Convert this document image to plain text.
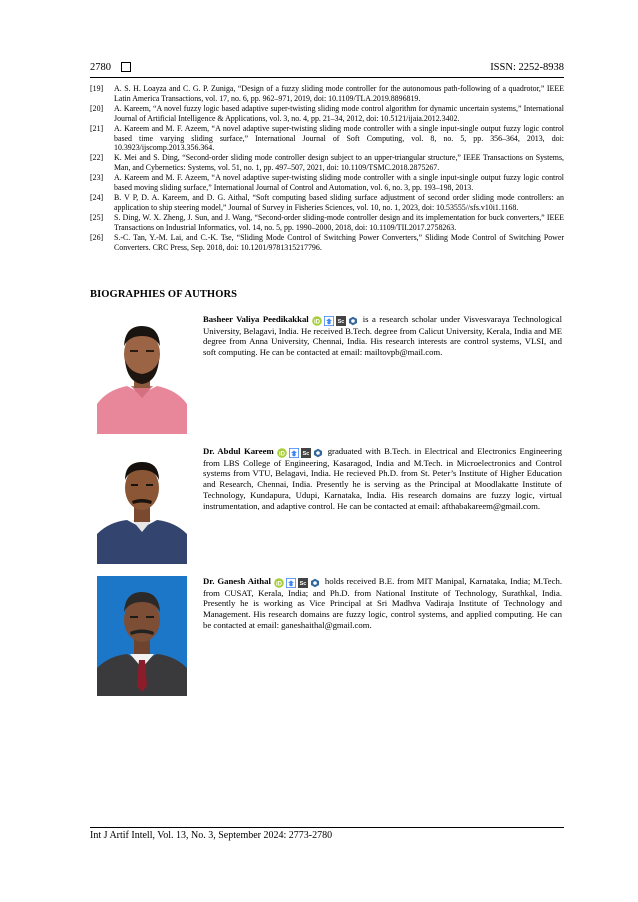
2780	ISSN: 2252-8938
[19]	A. S. H. Loayza and C. G. P. Zuniga, “Design of a fuzzy sliding mode controller for the autonomous path-following of a quadrotor,” IEEE Latin America Transactions, vol. 17, no. 6, pp. 962–971, 2019, doi: 10.1109/TLA.2019.8896819.
[20]	A. Kareem, “A novel fuzzy logic based adaptive super-twisting sliding mode control algorithm for dynamic uncertain systems,” International Journal of Artificial Intelligence & Applications, vol. 3, no. 4, pp. 21–34, 2012, doi: 10.5121/ijaia.2012.3402.
[21]	A. Kareem and M. F. Azeem, “A novel adaptive super-twisting sliding mode controller with a single input-single output fuzzy logic control based time varying sliding surface,” International Journal of Soft Computing, vol. 8, no. 5, pp. 356–364, 2013, doi: 10.3923/ijscomp.2013.356.364.
[22]	K. Mei and S. Ding, “Second-order sliding mode controller design subject to an upper-triangular structure,” IEEE Transactions on Systems, Man, and Cybernetics: Systems, vol. 51, no. 1, pp. 497–507, 2021, doi: 10.1109/TSMC.2018.2875267.
[23]	A. Kareem and M. F. Azeem, “A novel adaptive super-twisting sliding mode controller with a single input-single output fuzzy logic control based moving sliding surface,” International Journal of Control and Automation, vol. 6, no. 3, pp. 193–198, 2013.
[24]	B. V P, D. A. Kareem, and D. G. Aithal, “Soft computing based sliding surface adjustment of second order sliding mode controllers: an application to ship steering model,” Journal of Survey in Fisheries Sciences, vol. 10, no. 1, 2023, doi: 10.53555//sfs.v10i1.1168.
[25]	S. Ding, W. X. Zheng, J. Sun, and J. Wang, “Second-order sliding-mode controller design and its implementation for buck converters,” IEEE Transactions on Industrial Informatics, vol. 14, no. 5, pp. 1990–2000, 2018, doi: 10.1109/TII.2017.2758263.
[26]	S.-C. Tan, Y.-M. Lai, and C.-K. Tse, “Sliding Mode Control of Switching Power Converters,” Sliding Mode Control of Switching Power Converters. CRC Press, Sep. 2018, doi: 10.1201/9781315217796.
BIOGRAPHIES OF AUTHORS
Basheer Valiya Peedikakkal	is a research scholar under Visvesvaraya Technological University, Belagavi, India. He received B.Tech. degree from Calicut University, Kerala, India and ME degree from Anna University, Chennai, India. His research interests are control systems, VLSI, and soft computing. He can be contacted at email: mailtovpb@mail.com.
Dr. Abdul Kareem	graduated with B.Tech. in Electrical and Electronics Engineering from LBS College of Engineering, Kasaragod, India and M.Tech. in Microelectronics and Control systems from VTU, Belagavi, India. He recieved Ph.D. from St. Peter’s Institute of Higher Education and Research, Chennai, India. Presently he is serving as the Principal at Moodlakatte Institute of Technology, Kundapura, Udupi, Karnataka, India. His research domains are fuzzy logic, virtual instrumentation, and adaptive control. He can be contacted at email: afthabakareem@gmail.com.
Dr. Ganesh Aithal	holds received B.E. from MIT Manipal, Karnataka, India; M.Tech. from CUSAT, Kerala, India; and Ph.D. from National Institute of Technology, Surathkal, India. Presently he is working as Vice Principal at Sri Madhva Vadiraja Institute of Technology and Management. His research domains are fuzzy logic, control systems, and applied computing. He can be contacted at email: ganeshaithal@gmail.com.
Int J Artif Intell, Vol. 13, No. 3, September 2024: 2773-2780
